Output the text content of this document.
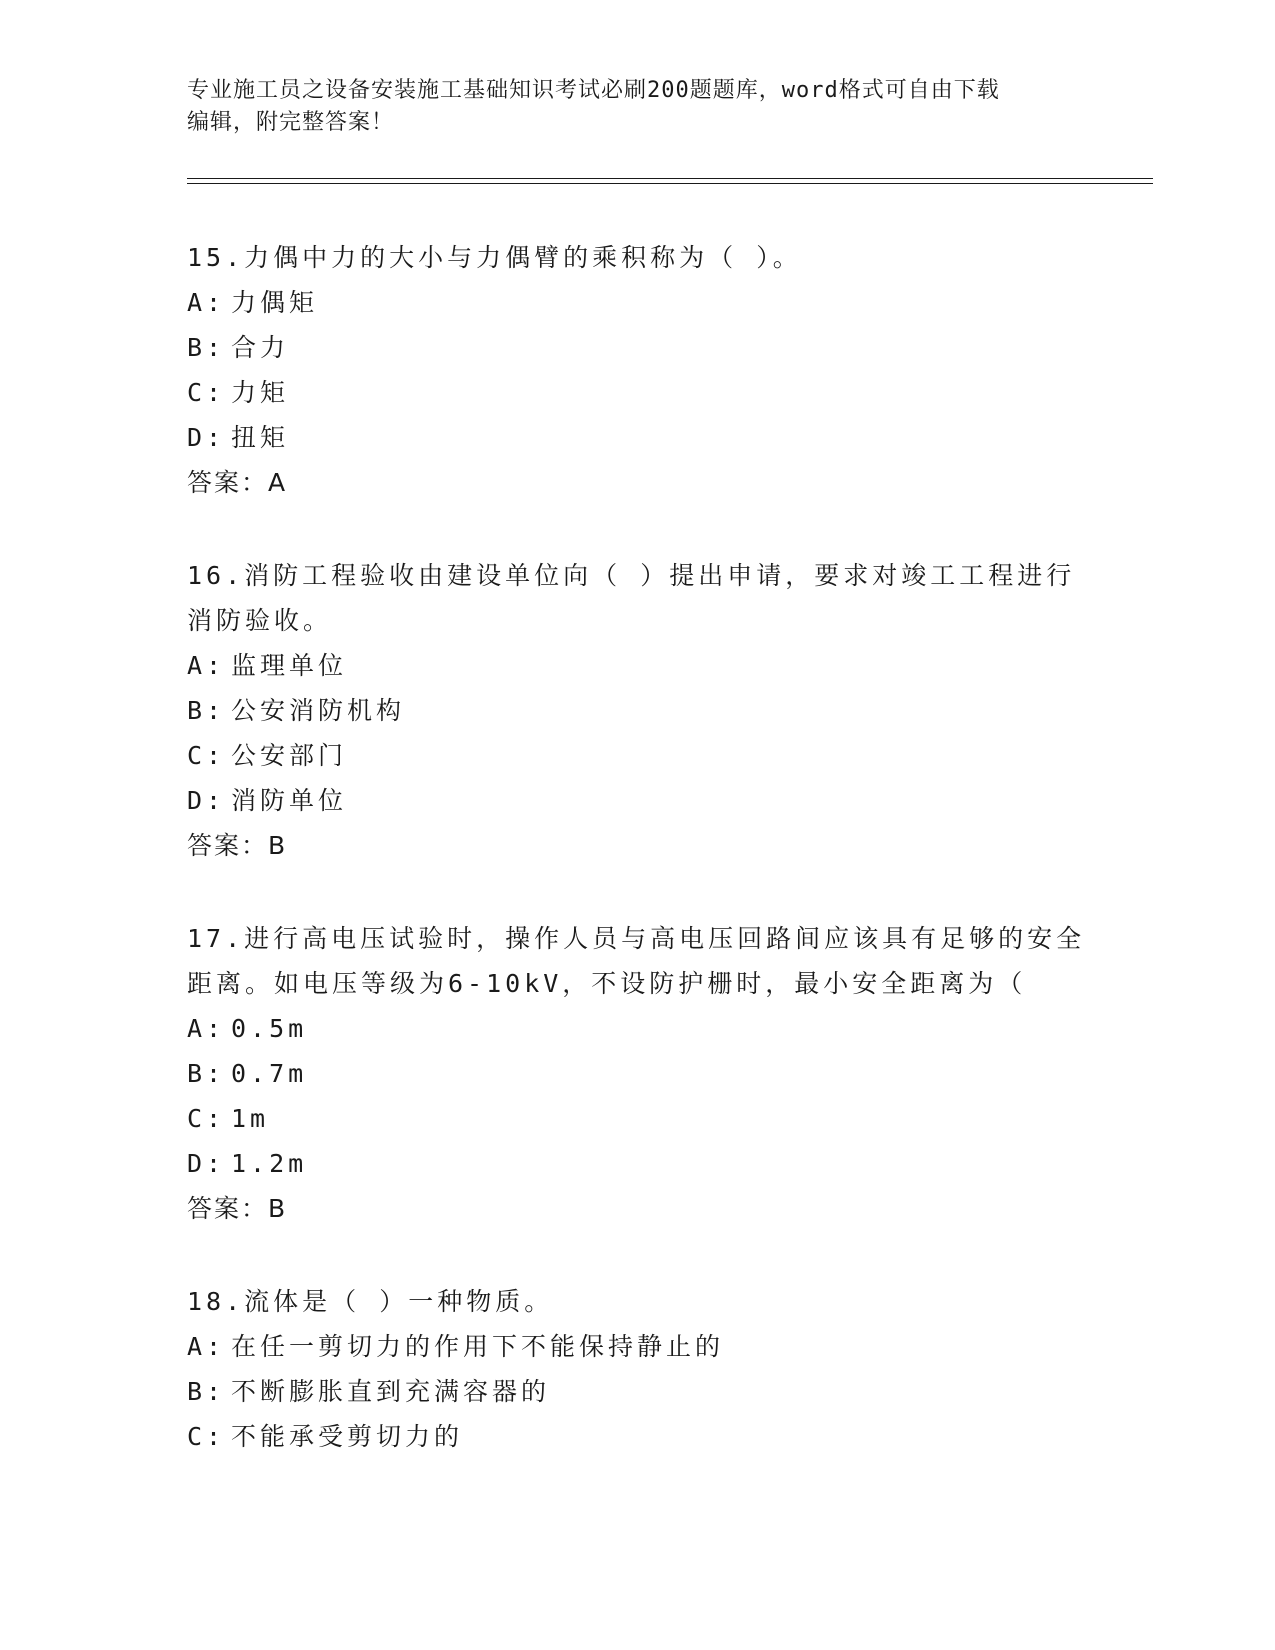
专业施工员之设备安装施工基础知识考试必刷200题题库，word格式可自由下载
编辑，附完整答案！

15.力偶中力的大小与力偶臂的乘积称为（ ）。

A: 力偶矩

B: 合力

C: 力矩

D: 扭矩

答案：A

16.消防工程验收由建设单位向（ ）提出申请，要求对竣工工程进行

消防验收。

A: 监理单位

B: 公安消防机构

C: 公安部门

D: 消防单位

答案：B

17.进行高电压试验时，操作人员与高电压回路间应该具有足够的安全

距离。如电压等级为6-10kV，不设防护栅时，最小安全距离为（

A: 0.5m

B: 0.7m

C: 1m

D: 1.2m

答案：B

18.流体是（ ）一种物质。

A: 在任一剪切力的作用下不能保持静止的

B: 不断膨胀直到充满容器的

C: 不能承受剪切力的
